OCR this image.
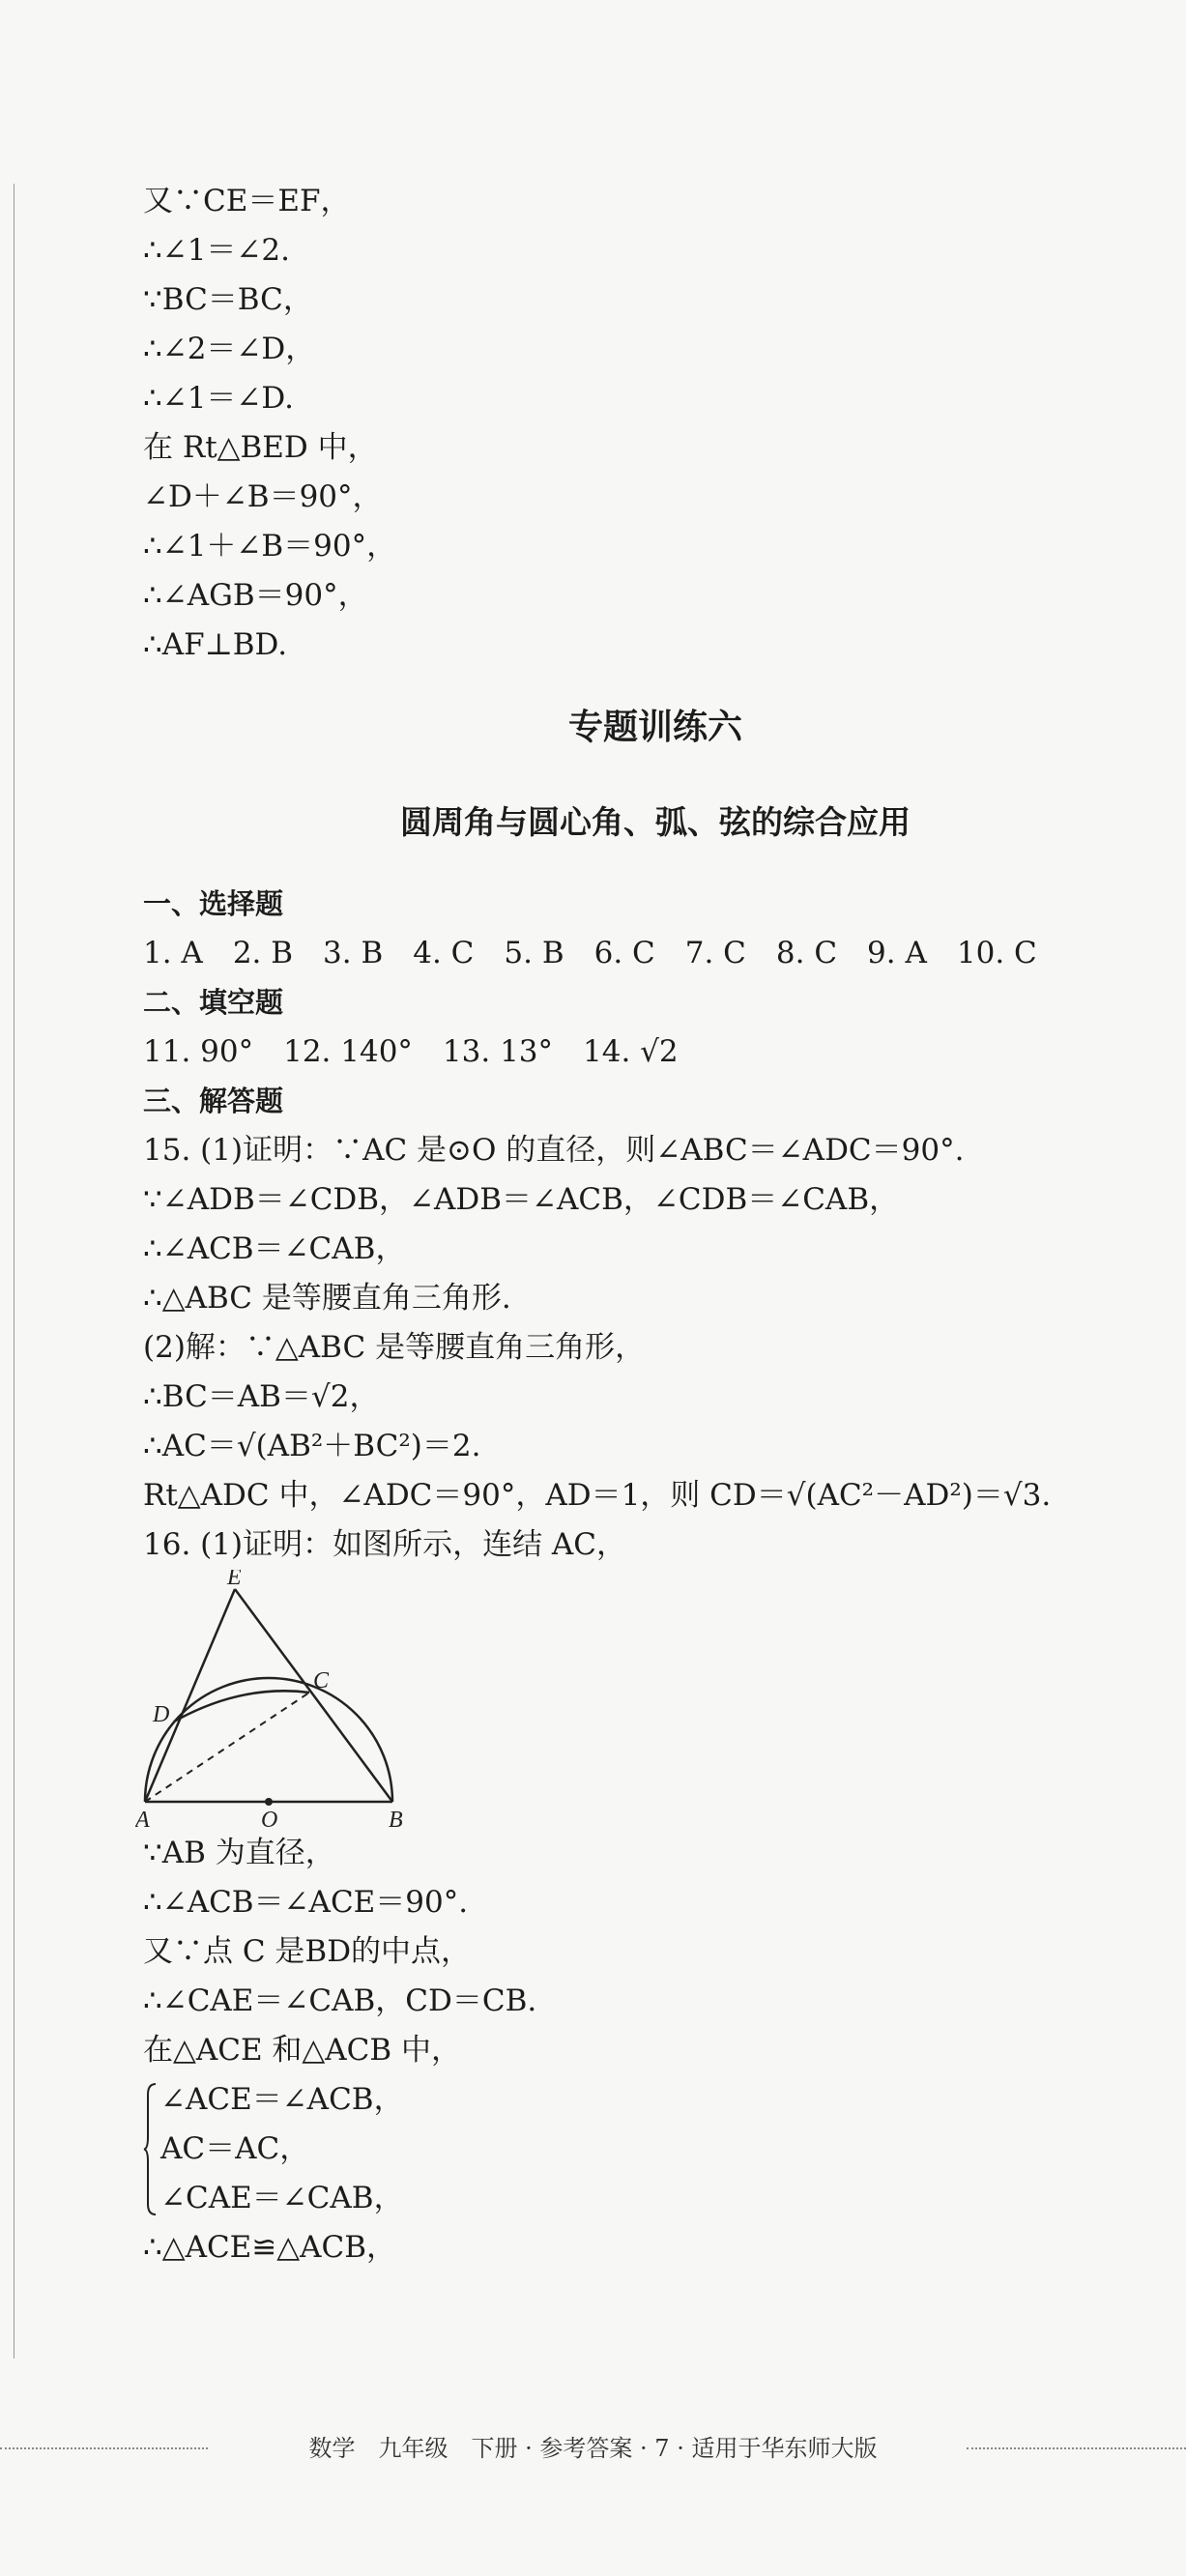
又∵CE＝EF，
∴∠1＝∠2.
∵BC＝BC，
∴∠2＝∠D，
∴∠1＝∠D.
在 Rt△BED 中，
∠D＋∠B＝90°，
∴∠1＋∠B＝90°，
∴∠AGB＝90°，
∴AF⊥BD.
专题训练六
圆周角与圆心角、弧、弦的综合应用
一、选择题
1. A　2. B　3. B　4. C　5. B　6. C　7. C　8. C　9. A　10. C
二、填空题
11. 90°　12. 140°　13. 13°　14. √2
三、解答题
15. (1)证明：∵AC 是⊙O 的直径，则∠ABC＝∠ADC＝90°.
∵∠ADB＝∠CDB，∠ADB＝∠ACB，∠CDB＝∠CAB，
∴∠ACB＝∠CAB，
∴△ABC 是等腰直角三角形.
(2)解：∵△ABC 是等腰直角三角形，
∴BC＝AB＝√2，
∴AC＝√(AB²＋BC²)＝2.
Rt△ADC 中，∠ADC＝90°，AD＝1，则 CD＝√(AC²－AD²)＝√3.
16. (1)证明：如图所示，连结 AC，
E
D
C
A	O	B
∵AB 为直径，
∴∠ACB＝∠ACE＝90°.
又∵点 C 是BD的中点，
∴∠CAE＝∠CAB，CD＝CB.
在△ACE 和△ACB 中，
∠ACE＝∠ACB，
AC＝AC，
∠CAE＝∠CAB，
∴△ACE≌△ACB，
数学　九年级　下册 · 参考答案 · 7 · 适用于华东师大版
